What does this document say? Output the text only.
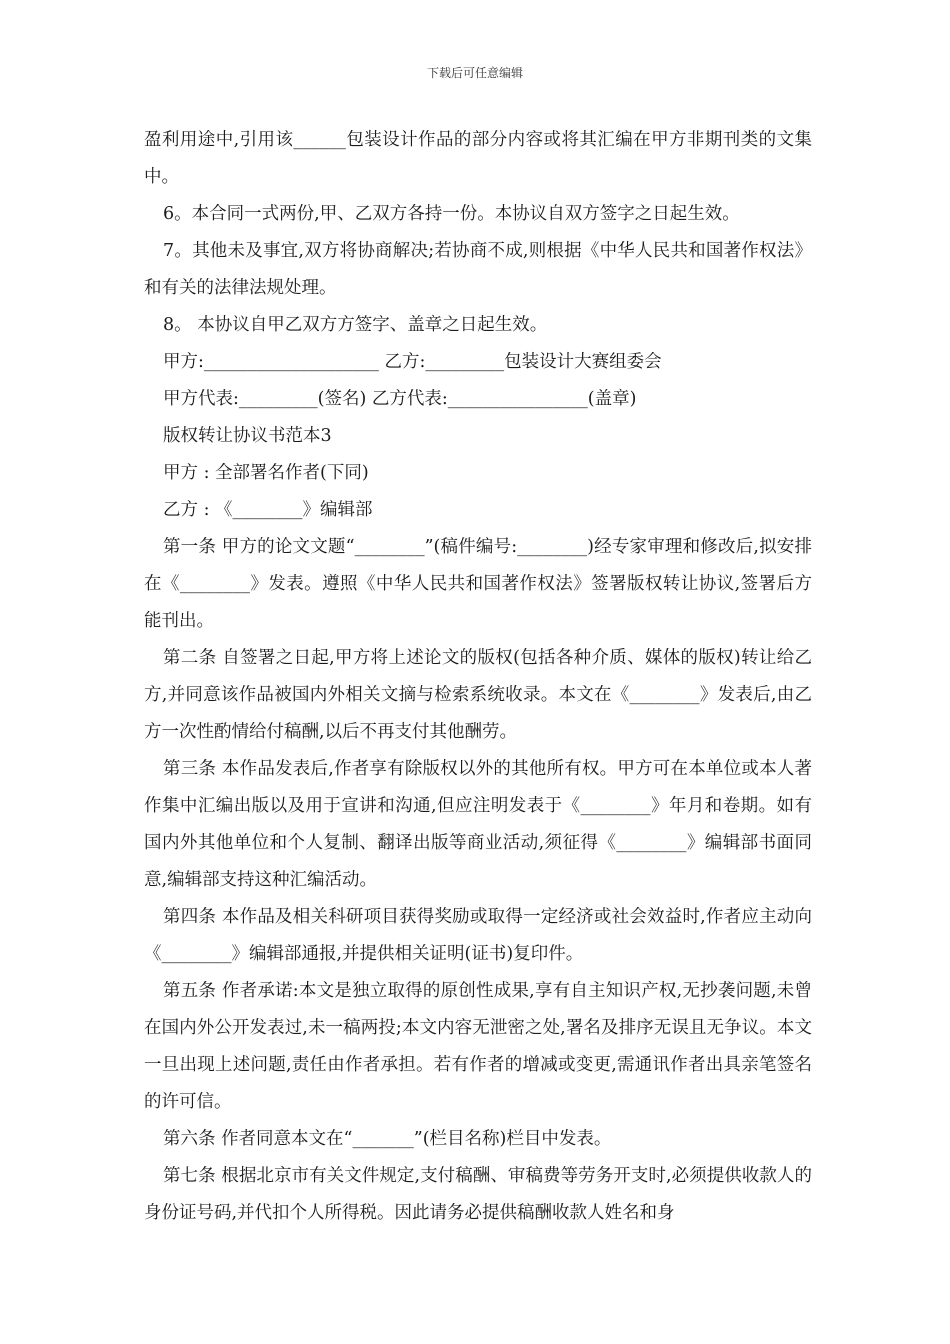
下载后可任意编辑

盈利用途中,引用该______包装设计作品的部分内容或将其汇编在甲方非期刊类的文集中。

6。本合同一式两份,甲、乙双方各持一份。本协议自双方签字之日起生效。

7。其他未及事宜,双方将协商解决;若协商不成,则根据《中华人民共和国著作权法》和有关的法律法规处理。

8。 本协议自甲乙双方方签字、盖章之日起生效。

甲方:____________________ 乙方:_________包装设计大赛组委会

甲方代表:_________(签名) 乙方代表:________________(盖章)

版权转让协议书范本3

甲方 : 全部署名作者(下同)

乙方 : 《________》编辑部

第一条 甲方的论文文题“________”(稿件编号:________)经专家审理和修改后,拟安排在《________》发表。遵照《中华人民共和国著作权法》签署版权转让协议,签署后方能刊出。

第二条 自签署之日起,甲方将上述论文的版权(包括各种介质、媒体的版权)转让给乙方,并同意该作品被国内外相关文摘与检索系统收录。本文在《________》发表后,由乙方一次性酌情给付稿酬,以后不再支付其他酬劳。

第三条 本作品发表后,作者享有除版权以外的其他所有权。甲方可在本单位或本人著作集中汇编出版以及用于宣讲和沟通,但应注明发表于《________》年月和卷期。如有国内外其他单位和个人复制、翻译出版等商业活动,须征得《________》编辑部书面同意,编辑部支持这种汇编活动。

第四条 本作品及相关科研项目获得奖励或取得一定经济或社会效益时,作者应主动向《________》编辑部通报,并提供相关证明(证书)复印件。

第五条 作者承诺:本文是独立取得的原创性成果,享有自主知识产权,无抄袭问题,未曾在国内外公开发表过,未一稿两投;本文内容无泄密之处,署名及排序无误且无争议。本文一旦出现上述问题,责任由作者承担。若有作者的增减或变更,需通讯作者出具亲笔签名的许可信。

第六条 作者同意本文在“_______”(栏目名称)栏目中发表。

第七条 根据北京市有关文件规定,支付稿酬、审稿费等劳务开支时,必须提供收款人的身份证号码,并代扣个人所得税。因此请务必提供稿酬收款人姓名和身
